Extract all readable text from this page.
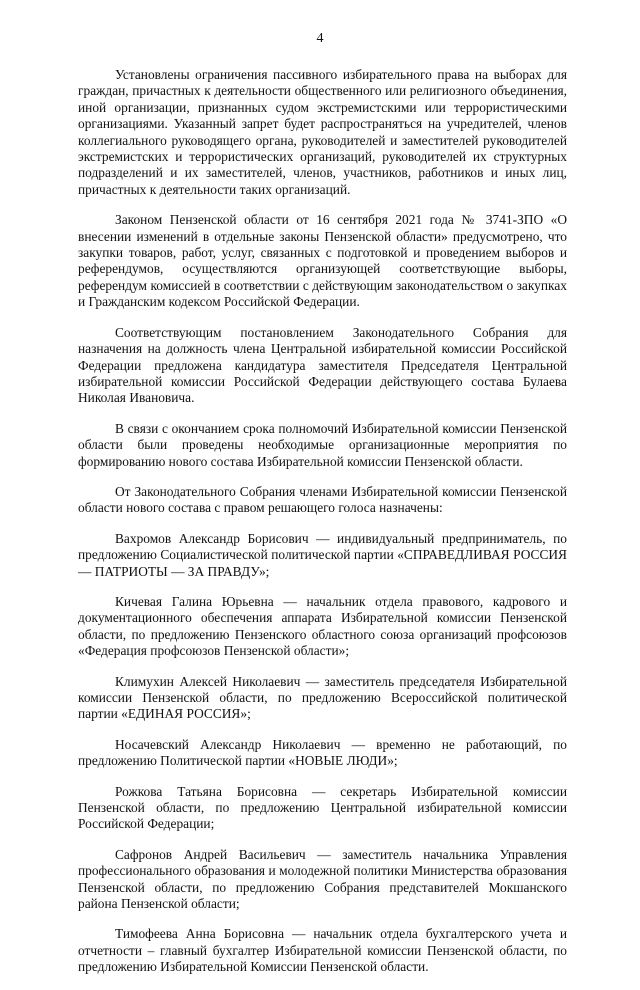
4

Установлены ограничения пассивного избирательного права на выборах для граждан, причастных к деятельности общественного или религиозного объединения, иной организации, признанных судом экстремистскими или террористическими организациями. Указанный запрет будет распространяться на учредителей, членов коллегиального руководящего органа, руководителей и заместителей руководителей экстремистских и террористических организаций, руководителей их структурных подразделений и их заместителей, членов, участников, работников и иных лиц, причастных к деятельности таких организаций.

Законом Пензенской области от 16 сентября 2021 года № 3741-ЗПО «О внесении изменений в отдельные законы Пензенской области» предусмотрено, что закупки товаров, работ, услуг, связанных с подготовкой и проведением выборов и референдумов, осуществляются организующей соответствующие выборы, референдум комиссией в соответствии с действующим законодательством о закупках и Гражданским кодексом Российской Федерации.

Соответствующим постановлением Законодательного Собрания для назначения на должность члена Центральной избирательной комиссии Российской Федерации предложена кандидатура заместителя Председателя Центральной избирательной комиссии Российской Федерации действующего состава Булаева Николая Ивановича.

В связи с окончанием срока полномочий Избирательной комиссии Пензенской области были проведены необходимые организационные мероприятия по формированию нового состава Избирательной комиссии Пензенской области.

От Законодательного Собрания членами Избирательной комиссии Пензенской области нового состава с правом решающего голоса назначены:

Вахромов Александр Борисович — индивидуальный предприниматель, по предложению Социалистической политической партии «СПРАВЕДЛИВАЯ РОССИЯ — ПАТРИОТЫ — ЗА ПРАВДУ»;

Кичевая Галина Юрьевна — начальник отдела правового, кадрового и документационного обеспечения аппарата Избирательной комиссии Пензенской области, по предложению Пензенского областного союза организаций профсоюзов «Федерация профсоюзов Пензенской области»;

Климухин Алексей Николаевич — заместитель председателя Избирательной комиссии Пензенской области, по предложению Всероссийской политической партии «ЕДИНАЯ РОССИЯ»;

Носачевский Александр Николаевич — временно не работающий, по предложению Политической партии «НОВЫЕ ЛЮДИ»;

Рожкова Татьяна Борисовна — секретарь Избирательной комиссии Пензенской области, по предложению Центральной избирательной комиссии Российской Федерации;

Сафронов Андрей Васильевич — заместитель начальника Управления профессионального образования и молодежной политики Министерства образования Пензенской области, по предложению Собрания представителей Мокшанского района Пензенской области;

Тимофеева Анна Борисовна — начальник отдела бухгалтерского учета и отчетности – главный бухгалтер Избирательной комиссии Пензенской области, по предложению Избирательной Комиссии Пензенской области.
